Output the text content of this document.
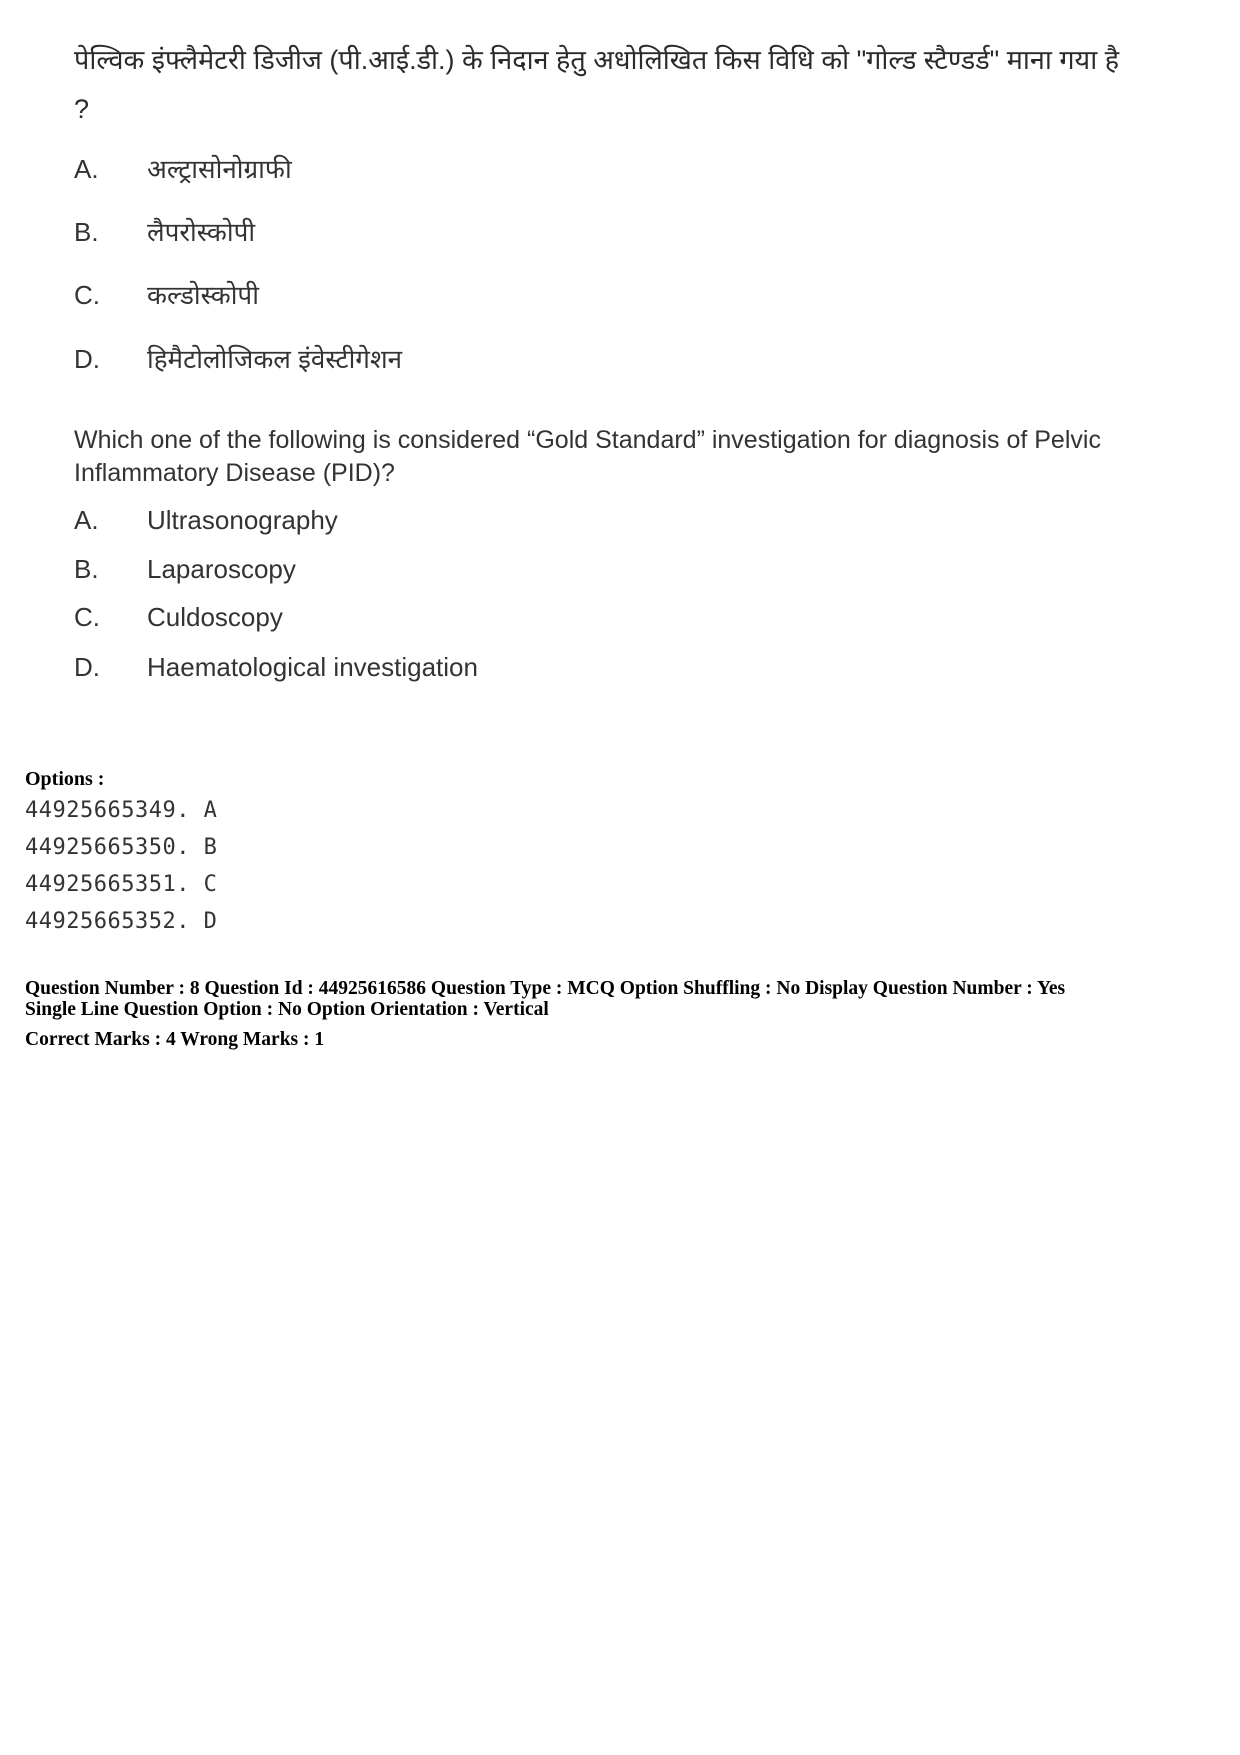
पेल्विक इंफ्लैमेटरी डिजीज (पी.आई.डी.) के निदान हेतु अधोलिखित किस विधि को "गोल्ड स्टैण्डर्ड" माना गया है ?
A. अल्ट्रासोनोग्राफी
B. लैपरोस्कोपी
C. कल्डोस्कोपी
D. हिमैटोलोजिकल इंवेस्टीगेशन
Which one of the following is considered “Gold Standard” investigation for diagnosis of Pelvic Inflammatory Disease (PID)?
A. Ultrasonography
B. Laparoscopy
C. Culdoscopy
D. Haematological investigation
Options :
44925665349. A
44925665350. B
44925665351. C
44925665352. D
Question Number : 8 Question Id : 44925616586 Question Type : MCQ Option Shuffling : No Display Question Number : Yes
Single Line Question Option : No Option Orientation : Vertical
Correct Marks : 4 Wrong Marks : 1
